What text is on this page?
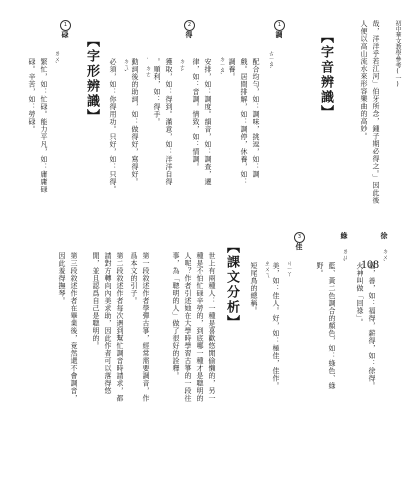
初中華文教學參考(一)
108
哉，洋洋乎若江河」伯牙所念，鍾子期必得之。」因此後
人便以高山流水來形容樂曲的高妙。
【字音辨識】
1
調
ㄊㄧㄠˊ
配合均勻，如：調味，挑逗，如：調
戲。居間排解，如：調停，休養，如：
調養。
ㄉㄧㄠˋ
安排，如：調度。韻音，如：調查，遷
律，如：音調。情致，如：情調。
2
得
ㄉㄜˊ
獲取，如：得到。滿意，如：洋洋自得
。順利，如：得手。
˙ㄉㄜ
動詞後的助詞，如：做得好，寫得好。
ㄉㄟˇ
必須，如：你得用功。只好，如：只得。
【字形辨識】
1
碌
ㄌㄨˋ
繁忙，如：忙碌。能力平凡，如：庸庸碌
碌。辛苦，如：勞碌。
徐
ㄉㄨˋ
福，善，如：福得，薪得，如：徐得。
火神叫做「回祿」。
綠
ㄌㄩˋ
藍、黃二色調合的顏色，如：綠色、綠
野。
3
佳
ㄐㄧㄚ
美，如：佳人。好，如：極佳，佳作。
ㄓㄨㄟ
短尾鳥的總稱。
【課文分析】
世上有兩種人：一種是喜歡悠閒偷懶的，另一種是不怕忙碌辛勞的，到底哪一種才是聰明的人呢？作者引述她在大學時學習古箏的一段往事，為「聰明的人」做了很好的詮釋。
第一段敘述作者學彈古箏，經常需要調音，作爲本文的引子。
第二段敘述作者每次遇到幫忙調音時請求，都請對方轉向內美求助，因此作者可以落得悠閒，並且認爲自己是聰明的。
第三段敘述作者在畢業後，竟然還不會調音，因此羞得撫琴。
